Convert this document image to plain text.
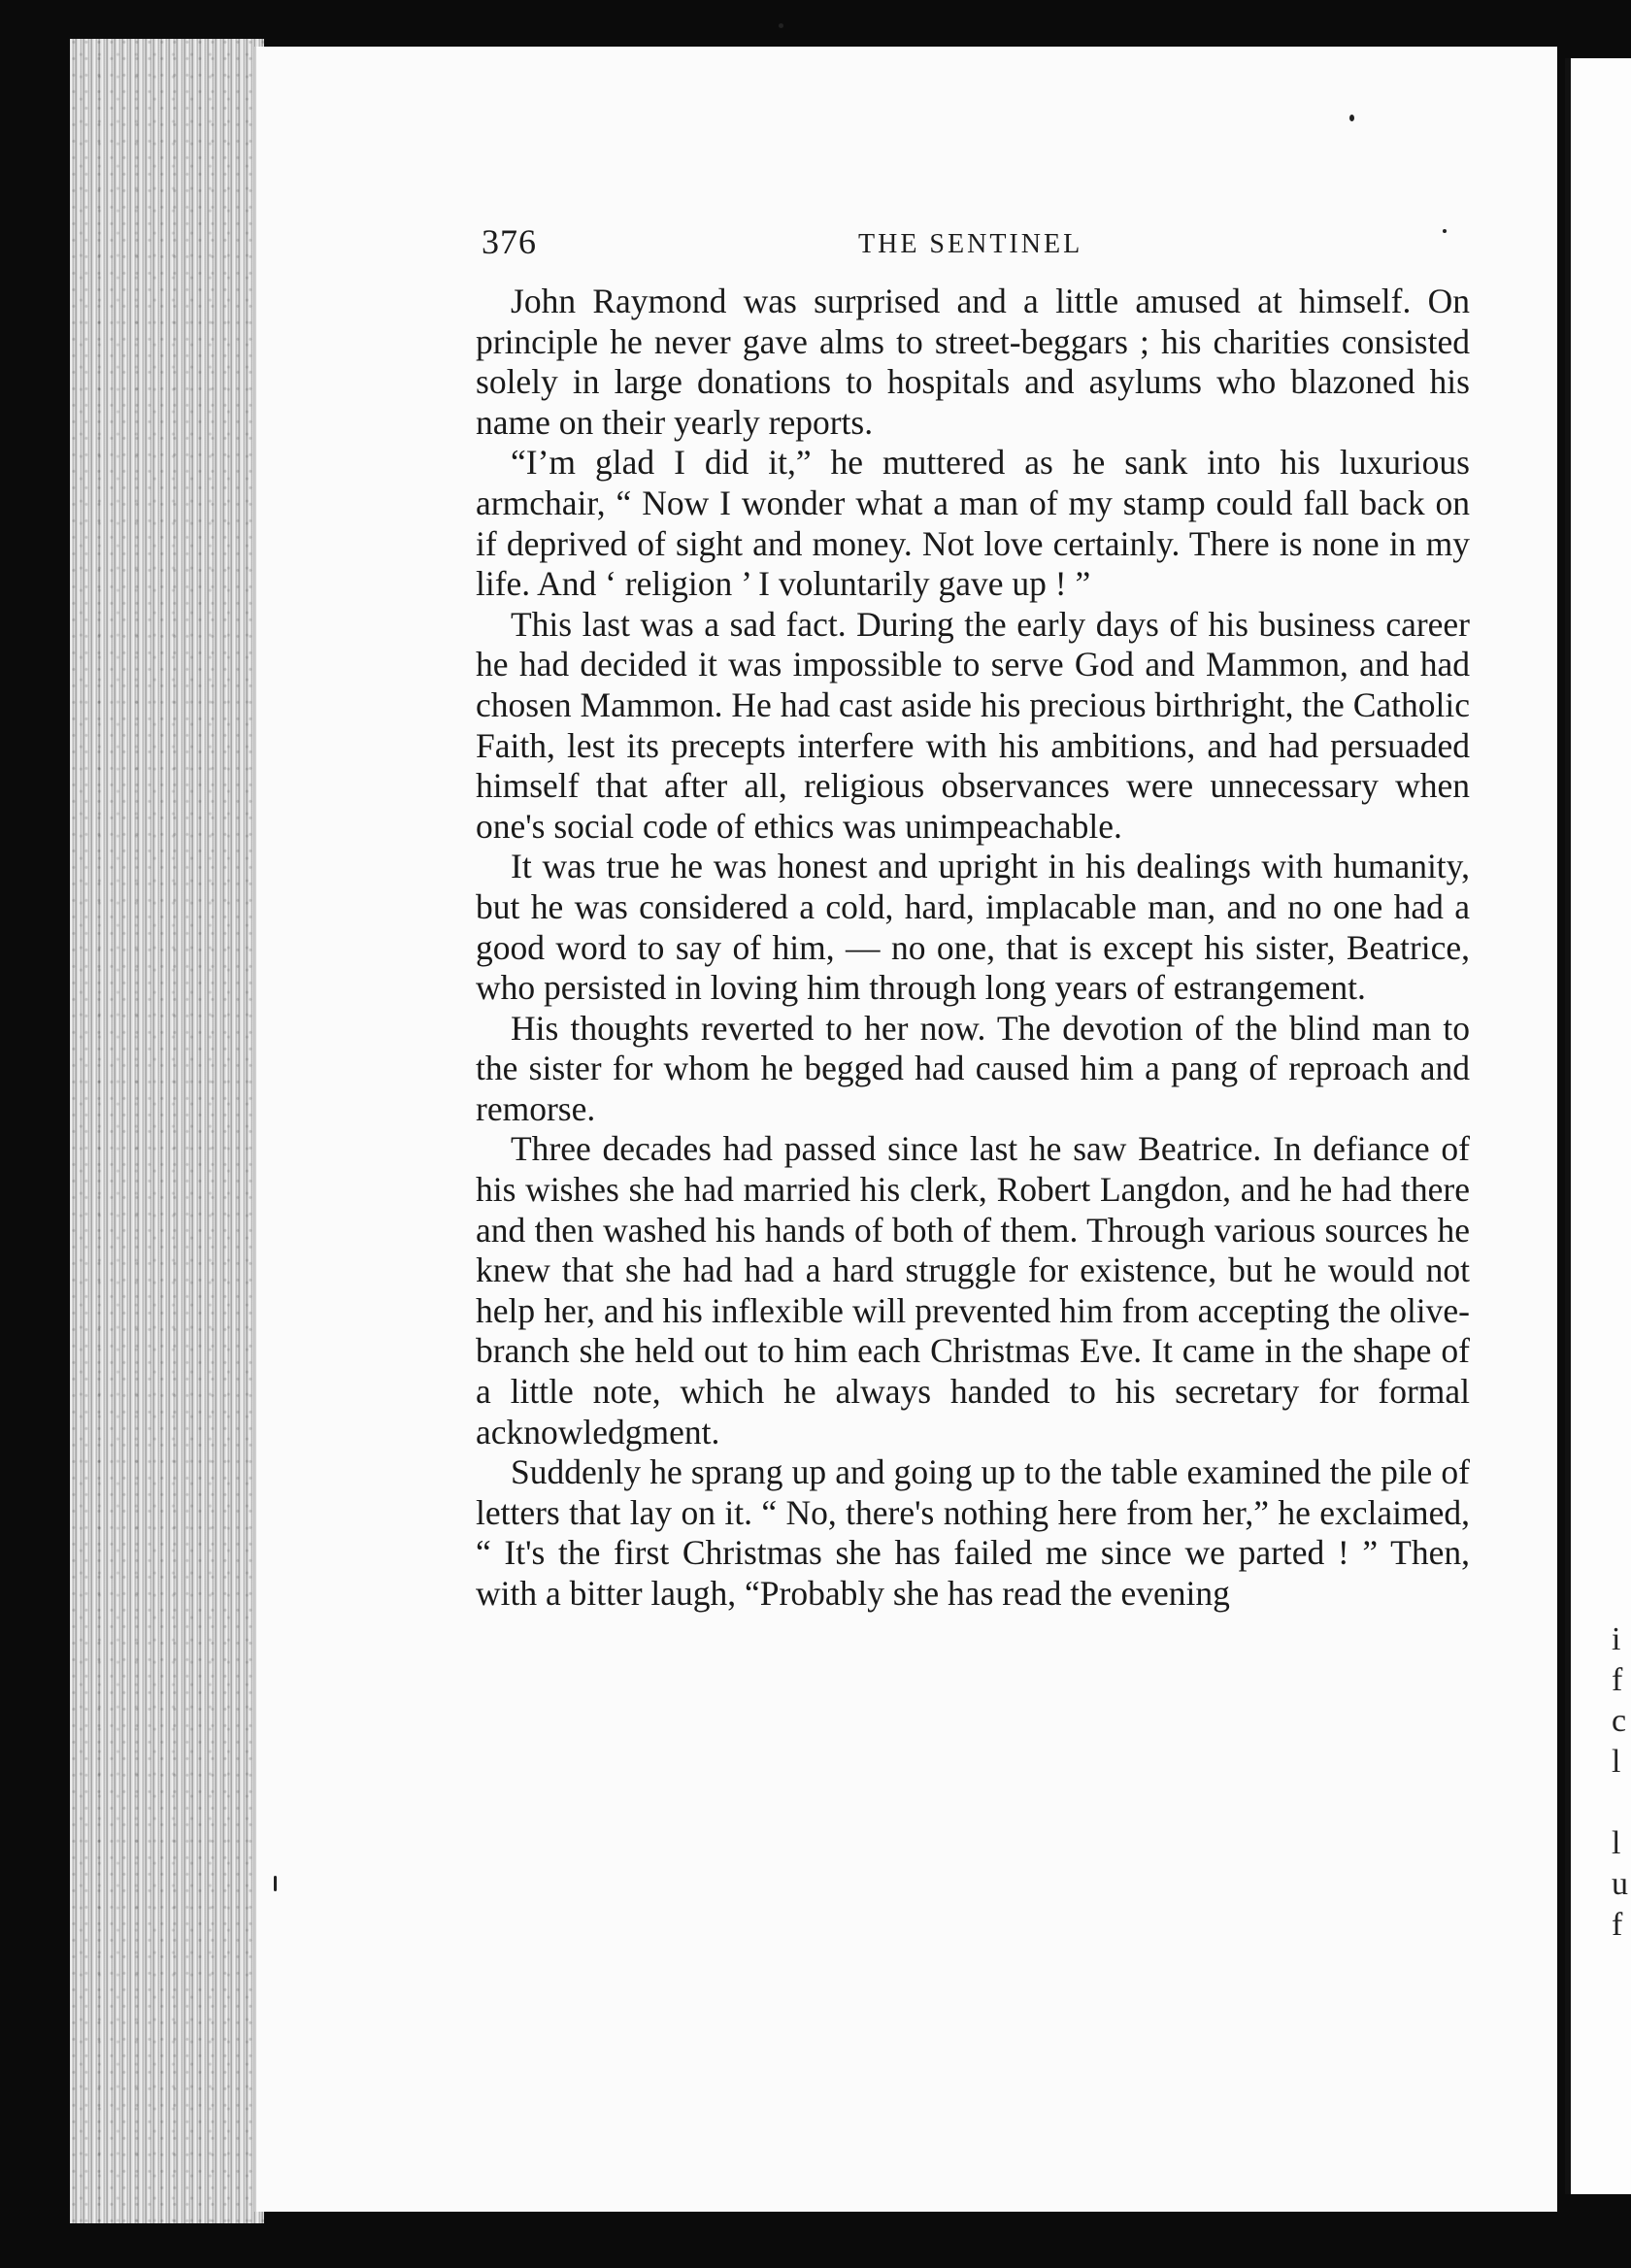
i
f
c
l
l
u
f
376	THE SENTINEL

John Raymond was surprised and a little amused at himself. On principle he never gave alms to street-beggars ; his charities consisted solely in large donations to hospitals and asylums who blazoned his name on their yearly reports.

“I’m glad I did it,” he muttered as he sank into his luxurious armchair, “ Now I wonder what a man of my stamp could fall back on if deprived of sight and money. Not love certainly. There is none in my life. And ‘ religion ’ I voluntarily gave up ! ”

This last was a sad fact. During the early days of his business career he had decided it was impossible to serve God and Mammon, and had chosen Mammon. He had cast aside his precious birthright, the Catholic Faith, lest its precepts interfere with his ambitions, and had persuaded himself that after all, religious observances were unnecessary when one's social code of ethics was unimpeachable.

It was true he was honest and upright in his dealings with humanity, but he was considered a cold, hard, implacable man, and no one had a good word to say of him, — no one, that is except his sister, Beatrice, who persisted in loving him through long years of estrangement.

His thoughts reverted to her now. The devotion of the blind man to the sister for whom he begged had caused him a pang of reproach and remorse.

Three decades had passed since last he saw Beatrice. In defiance of his wishes she had married his clerk, Robert Langdon, and he had there and then washed his hands of both of them. Through various sources he knew that she had had a hard struggle for existence, but he would not help her, and his inflexible will prevented him from accepting the olive-branch she held out to him each Christmas Eve. It came in the shape of a little note, which he always handed to his secretary for formal acknowledgment.

Suddenly he sprang up and going up to the table examined the pile of letters that lay on it. “ No, there's nothing here from her,” he exclaimed, “ It's the first Christmas she has failed me since we parted ! ” Then, with a bitter laugh, “Probably she has read the evening
